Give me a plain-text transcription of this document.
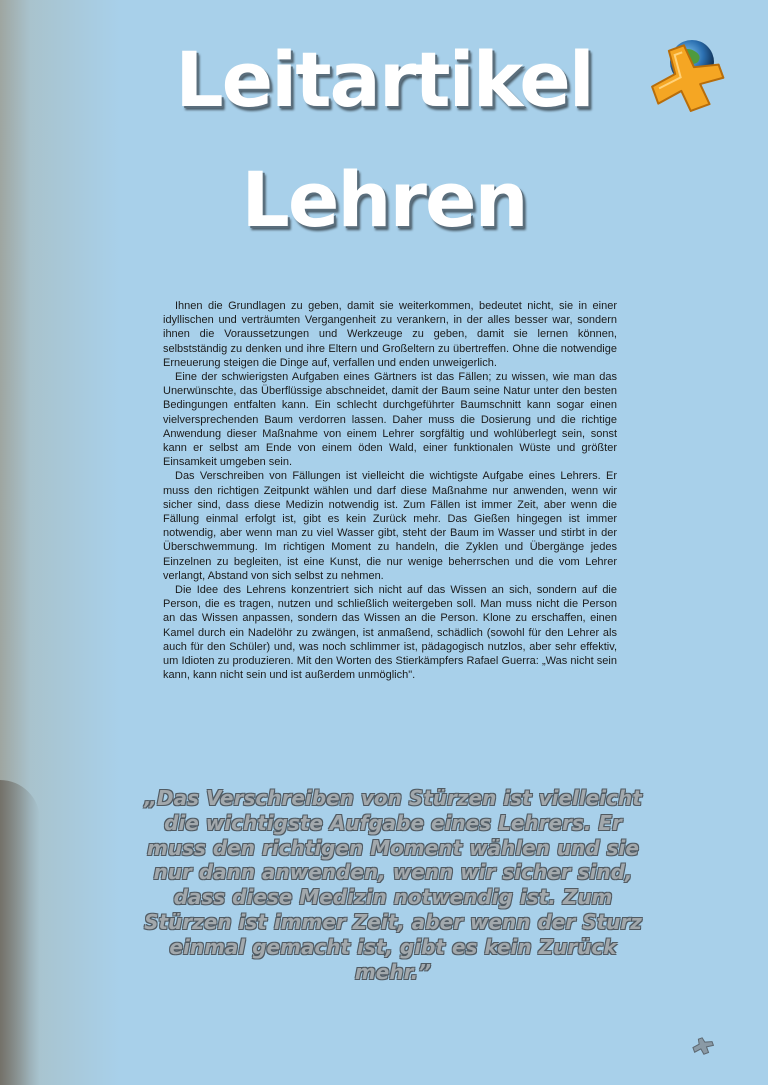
Leitartikel
Lehren

Ihnen die Grundlagen zu geben, damit sie weiterkommen, bedeutet nicht, sie in einer idyllischen und verträumten Vergangenheit zu verankern, in der alles besser war, sondern ihnen die Voraussetzungen und Werkzeuge zu geben, damit sie lernen können, selbstständig zu denken und ihre Eltern und Großeltern zu übertreffen. Ohne die notwendige Erneuerung steigen die Dinge auf, verfallen und enden unweigerlich.

Eine der schwierigsten Aufgaben eines Gärtners ist das Fällen; zu wissen, wie man das Unerwünschte, das Überflüssige abschneidet, damit der Baum seine Natur unter den besten Bedingungen entfalten kann. Ein schlecht durchgeführter Baumschnitt kann sogar einen vielversprechenden Baum verdorren lassen. Daher muss die Dosierung und die richtige Anwendung dieser Maßnahme von einem Lehrer sorgfältig und wohlüberlegt sein, sonst kann er selbst am Ende von einem öden Wald, einer funktionalen Wüste und größter Einsamkeit umgeben sein.

Das Verschreiben von Fällungen ist vielleicht die wichtigste Aufgabe eines Lehrers. Er muss den richtigen Zeitpunkt wählen und darf diese Maßnahme nur anwenden, wenn wir sicher sind, dass diese Medizin notwendig ist. Zum Fällen ist immer Zeit, aber wenn die Fällung einmal erfolgt ist, gibt es kein Zurück mehr. Das Gießen hingegen ist immer notwendig, aber wenn man zu viel Wasser gibt, steht der Baum im Wasser und stirbt in der Überschwemmung. Im richtigen Moment zu handeln, die Zyklen und Übergänge jedes Einzelnen zu begleiten, ist eine Kunst, die nur wenige beherrschen und die vom Lehrer verlangt, Abstand von sich selbst zu nehmen.

Die Idee des Lehrens konzentriert sich nicht auf das Wissen an sich, sondern auf die Person, die es tragen, nutzen und schließlich weitergeben soll. Man muss nicht die Person an das Wissen anpassen, sondern das Wissen an die Person. Klone zu erschaffen, einen Kamel durch ein Nadelöhr zu zwängen, ist anmaßend, schädlich (sowohl für den Lehrer als auch für den Schüler) und, was noch schlimmer ist, pädagogisch nutzlos, aber sehr effektiv, um Idioten zu produzieren. Mit den Worten des Stierkämpfers Rafael Guerra: „Was nicht sein kann, kann nicht sein und ist außerdem unmöglich".

„Das Verschreiben von Stürzen ist vielleicht die wichtigste Aufgabe eines Lehrers. Er muss den richtigen Moment wählen und sie nur dann anwenden, wenn wir sicher sind, dass diese Medizin notwendig ist. Zum Stürzen ist immer Zeit, aber wenn der Sturz einmal gemacht ist, gibt es kein Zurück mehr.”
